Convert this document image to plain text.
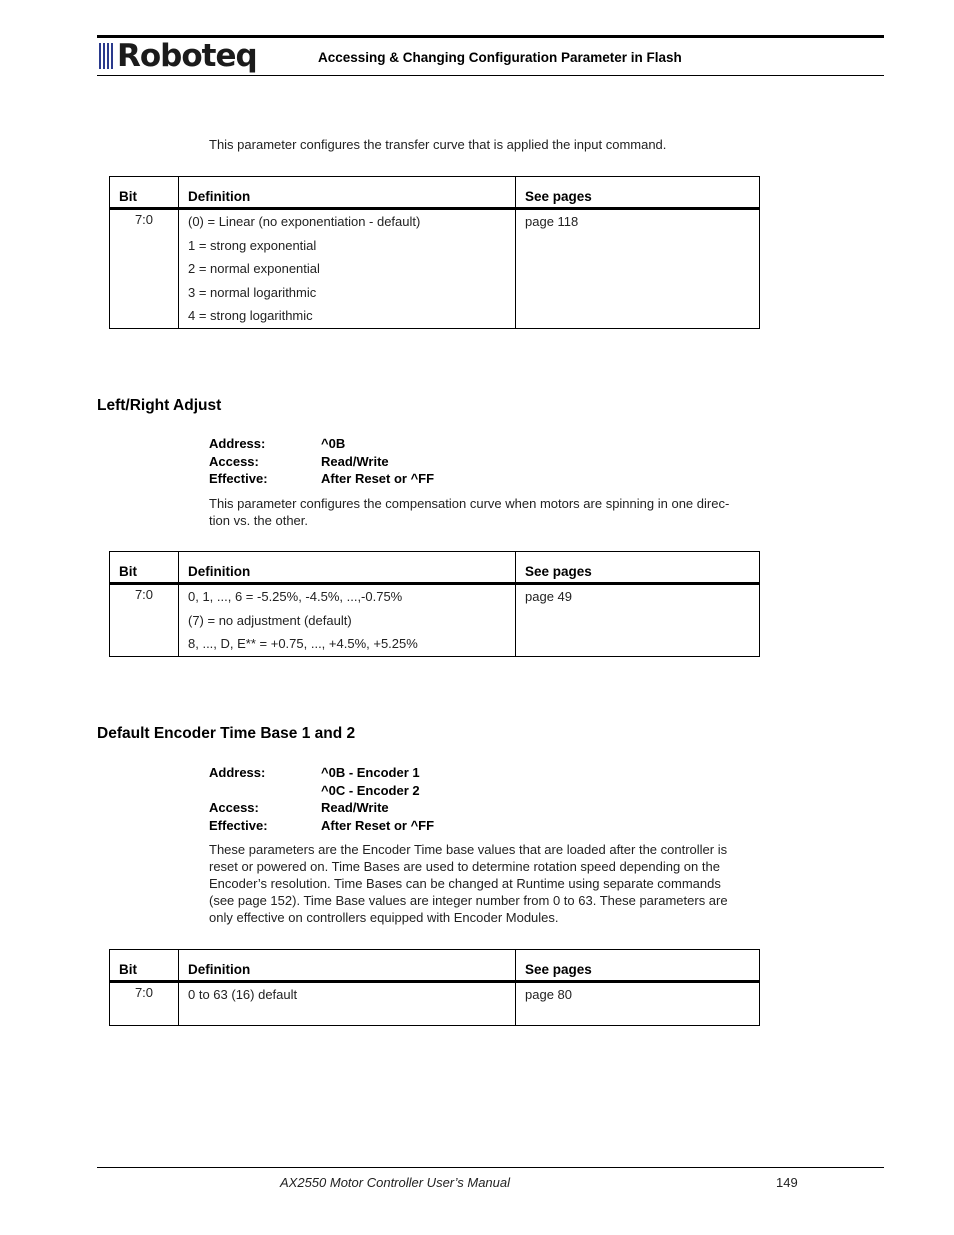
Roboteq	Accessing & Changing Configuration Parameter in Flash
This parameter configures the transfer curve that is applied the input command.
Bit	Definition	See pages
7:0	(0) = Linear (no exponentiation - default)
1 = strong exponential
2 = normal exponential
3 = normal logarithmic
4 = strong logarithmic	page 118
Left/Right Adjust
Address:	^0B
Access:	Read/Write
Effective:	After Reset or ^FF
This parameter configures the compensation curve when motors are spinning in one direc-
tion vs. the other.
Bit	Definition	See pages
7:0	0, 1, ..., 6 = -5.25%, -4.5%, ...,-0.75%
(7) = no adjustment (default)
8, ..., D, E** = +0.75, ..., +4.5%, +5.25%	page 49
Default Encoder Time Base 1 and 2
Address:	^0B - Encoder 1
^0C - Encoder 2
Access:	Read/Write
Effective:	After Reset or ^FF
These parameters are the Encoder Time base values that are loaded after the controller is
reset or powered on. Time Bases are used to determine rotation speed depending on the
Encoder’s resolution. Time Bases can be changed at Runtime using separate commands
(see page 152). Time Base values are integer number from 0 to 63. These parameters are
only effective on controllers equipped with Encoder Modules.
Bit	Definition	See pages
7:0	0 to 63 (16) default	page 80
AX2550 Motor Controller User’s Manual	149
